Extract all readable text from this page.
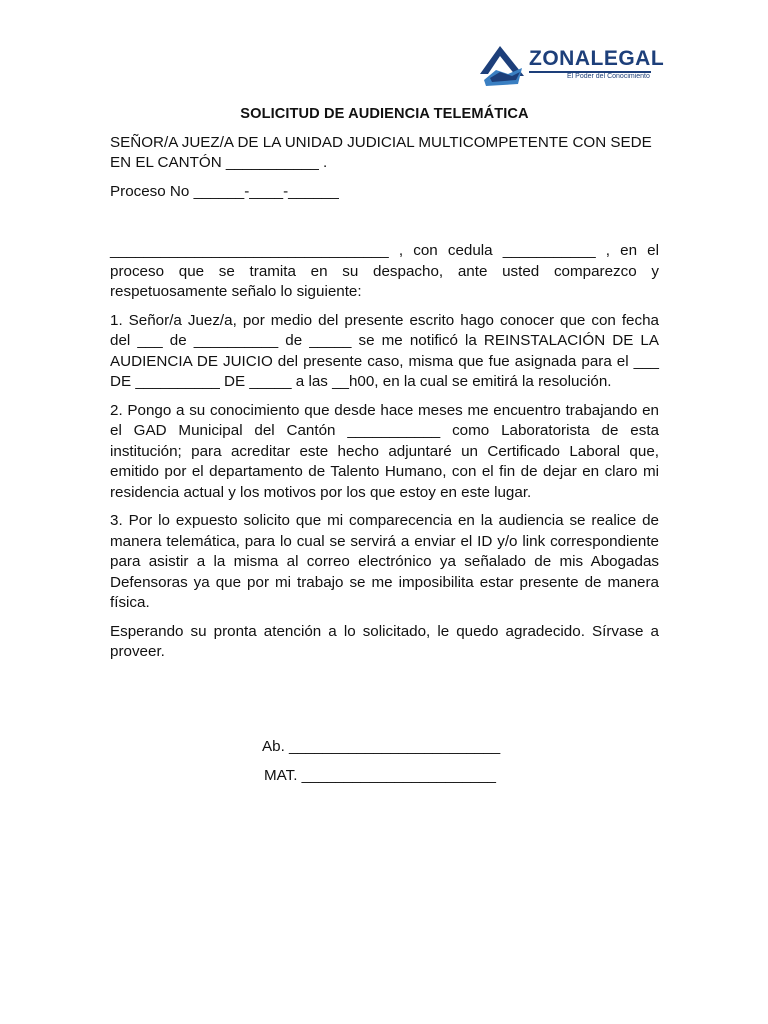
ZONALEGAL
El Poder del Conocimiento
SOLICITUD DE AUDIENCIA TELEMÁTICA
SEÑOR/A JUEZ/A DE LA UNIDAD JUDICIAL MULTICOMPETENTE CON SEDE EN EL CANTÓN ___________ .
Proceso No ______-____-______
_________________________________ , con cedula ___________ , en el proceso que se tramita en su despacho, ante usted comparezco y respetuosamente señalo lo siguiente:
1. Señor/a Juez/a, por medio del presente escrito hago conocer que con fecha del ___ de __________ de _____ se me notificó la REINSTALACIÓN DE LA AUDIENCIA DE JUICIO del presente caso, misma que fue asignada para el ___ DE __________ DE _____ a las __h00, en la cual se emitirá la resolución.
2. Pongo a su conocimiento que desde hace meses me encuentro trabajando en el GAD Municipal del Cantón ___________ como Laboratorista de esta institución; para acreditar este hecho adjuntaré un Certificado Laboral que, emitido por el departamento de Talento Humano, con el fin de dejar en claro mi residencia actual y los motivos por los que estoy en este lugar.
3. Por lo expuesto solicito que mi comparecencia en la audiencia se realice de manera telemática, para lo cual se servirá a enviar el ID y/o link correspondiente para asistir a la misma al correo electrónico ya señalado de mis Abogadas Defensoras ya que por mi trabajo se me imposibilita estar presente de manera física.
Esperando su pronta atención a lo solicitado, le quedo agradecido. Sírvase a proveer.
Ab. _________________________
MAT. _______________________
